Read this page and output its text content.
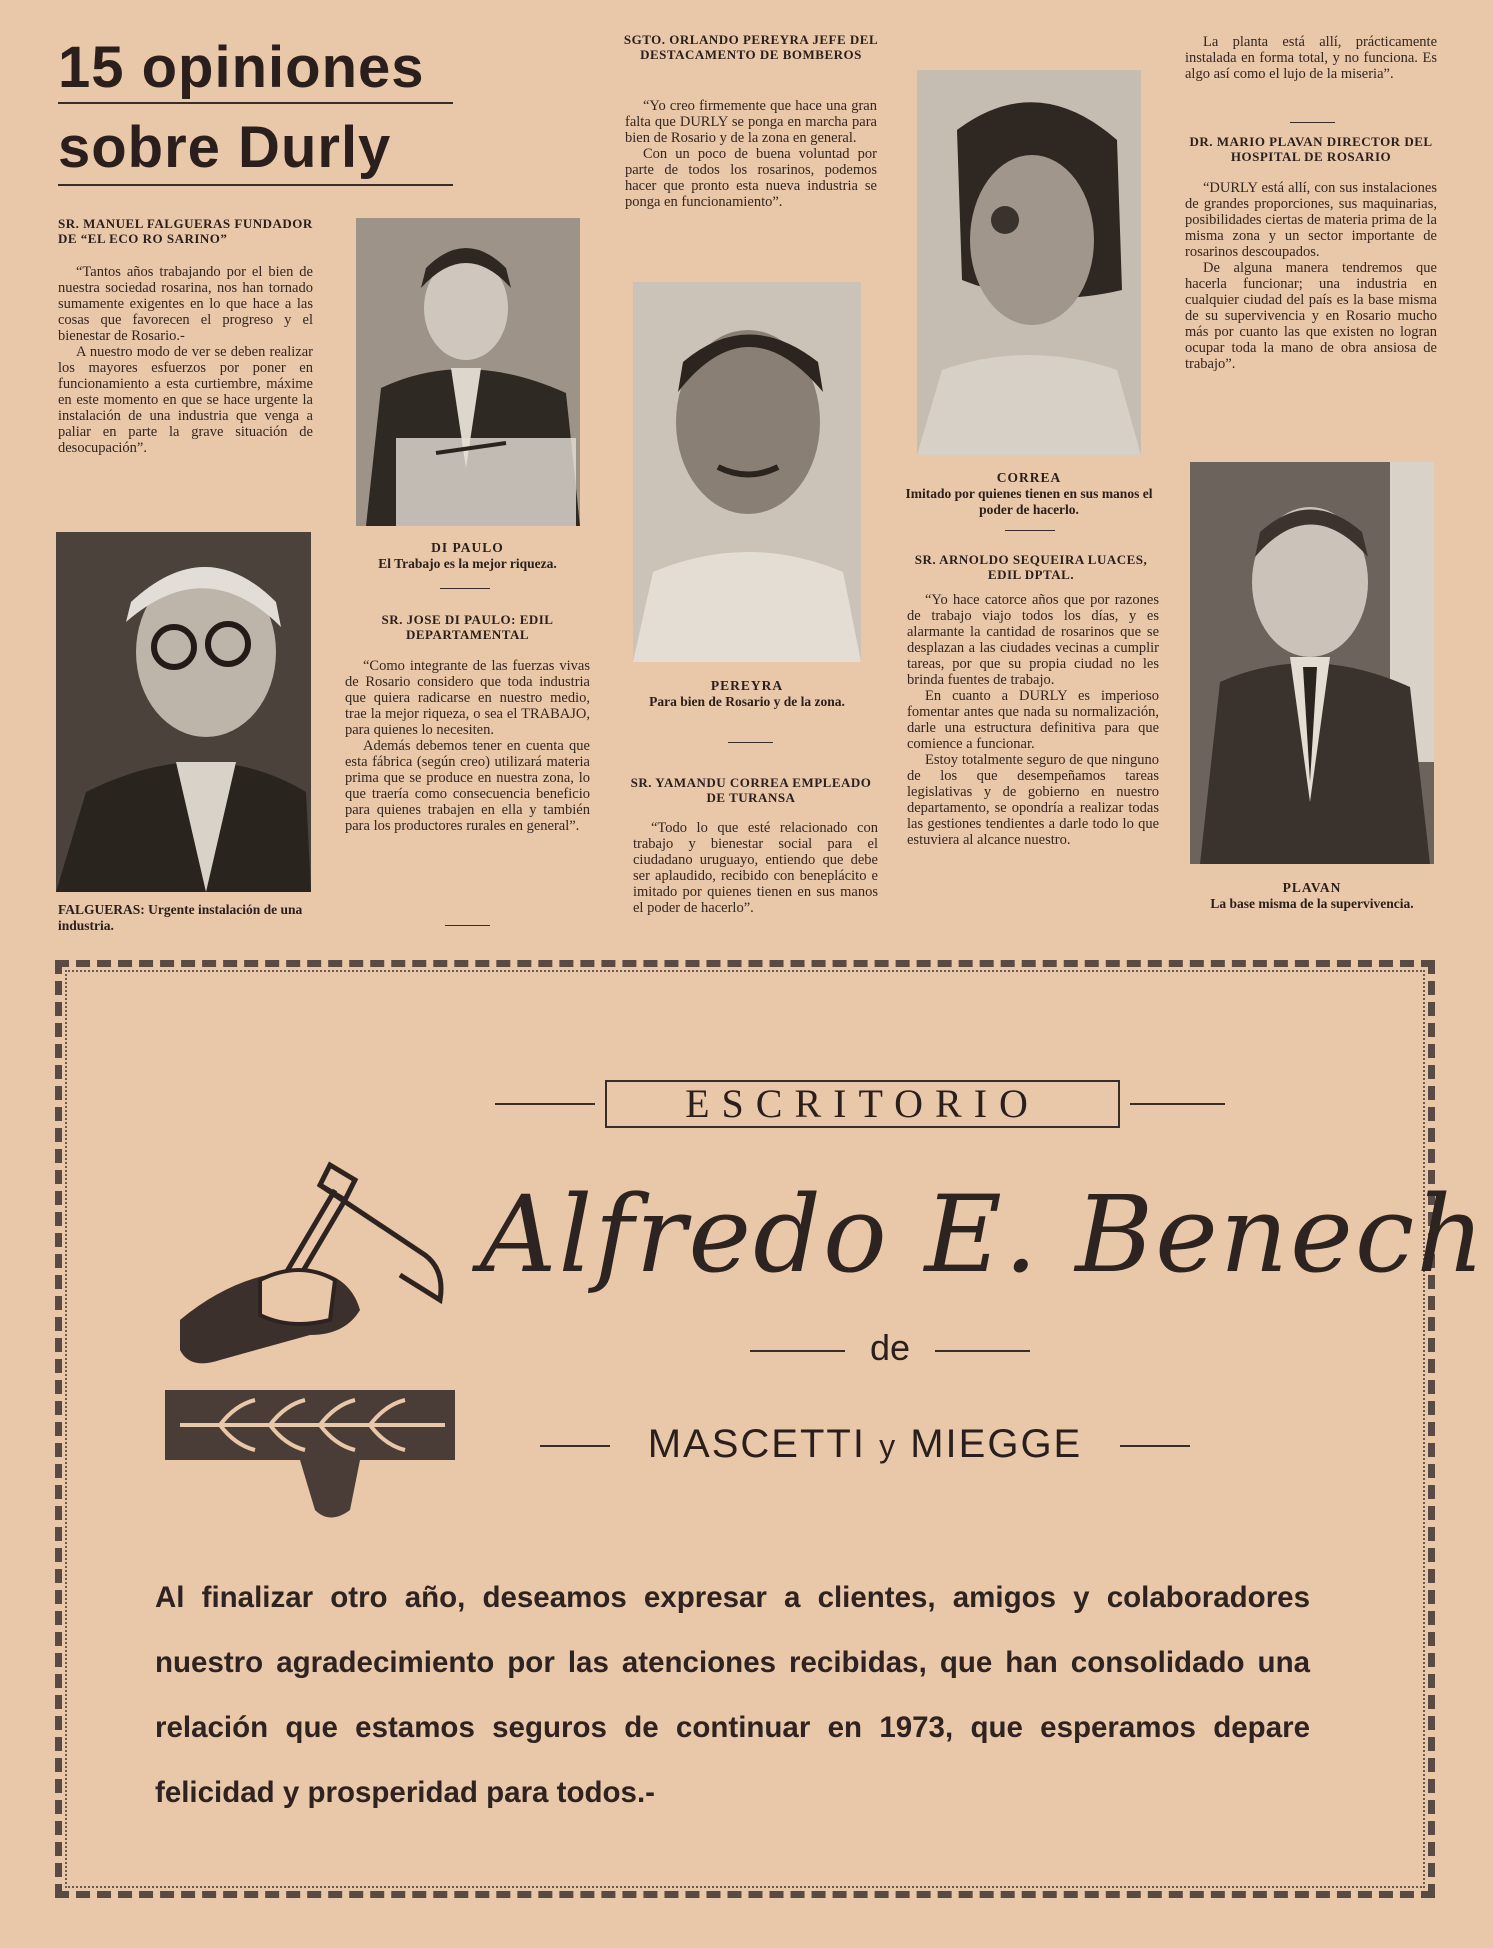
15 opiniones
sobre Durly
SR. MANUEL FALGUERAS FUNDADOR DE “EL ECO RO SARINO”

“Tantos años trabajando por el bien de nuestra sociedad rosarina, nos han tornado sumamente exigentes en lo que hace a las cosas que favorecen el progreso y el bienestar de Rosario.-

A nuestro modo de ver se deben realizar los mayores esfuerzos por poner en funcionamiento a esta curtiembre, máxime en este momento en que se hace urgente la instalación de una industria que venga a paliar en parte la grave situación de desocupación”.

FALGUERAS: Urgente instalación de una industria.
DI PAULO
El Trabajo es la mejor riqueza.
SR. JOSE DI PAULO: EDIL DEPARTAMENTAL

“Como integrante de las fuerzas vivas de Rosario considero que toda industria que quiera radicarse en nuestro medio, trae la mejor riqueza, o sea el TRABAJO, para quienes lo necesiten.

Además debemos tener en cuenta que esta fábrica (según creo) utilizará materia prima que se produce en nuestra zona, lo que traería como consecuencia beneficio para quienes trabajen en ella y también para los productores rurales en general”.

SGTO. ORLANDO PEREYRA JEFE DEL DESTACAMENTO DE BOMBEROS

“Yo creo firmemente que hace una gran falta que DURLY se ponga en marcha para bien de Rosario y de la zona en general.

Con un poco de buena voluntad por parte de todos los rosarinos, podemos hacer que pronto esta nueva industria se ponga en funcionamiento”.

PEREYRA
Para bien de Rosario y de la zona.
SR. YAMANDU CORREA EMPLEADO DE TURANSA

“Todo lo que esté relacionado con trabajo y bienestar social para el ciudadano uruguayo, entiendo que debe ser aplaudido, recibido con beneplácito e imitado por quienes tienen en sus manos el poder de hacerlo”.

CORREA
Imitado por quienes tienen en sus manos el poder de hacerlo.
SR. ARNOLDO SEQUEIRA LUACES, EDIL DPTAL.

“Yo hace catorce años que por razones de trabajo viajo todos los días, y es alarmante la cantidad de rosarinos que se desplazan a las ciudades vecinas a cumplir tareas, por que su propia ciudad no les brinda fuentes de trabajo.

En cuanto a DURLY es imperioso fomentar antes que nada su normalización, darle una estructura definitiva para que comience a funcionar.

Estoy totalmente seguro de que ninguno de los que desempeñamos tareas legislativas y de gobierno en nuestro departamento, se opondría a realizar todas las gestiones tendientes a darle todo lo que estuviera al alcance nuestro.

La planta está allí, prácticamente instalada en forma total, y no funciona. Es algo así como el lujo de la miseria”.

DR. MARIO PLAVAN DIRECTOR DEL HOSPITAL DE ROSARIO

“DURLY está allí, con sus instalaciones de grandes proporciones, sus maquinarias, posibilidades ciertas de materia prima de la misma zona y un sector importante de rosarinos descoupados.

De alguna manera tendremos que hacerla funcionar; una industria en cualquier ciudad del país es la base misma de su supervivencia y en Rosario mucho más por cuanto las que existen no logran ocupar toda la mano de obra ansiosa de trabajo”.

PLAVAN
La base misma de la supervivencia.
ESCRITORIO
Alfredo E. Benech
de
MASCETTI y MIEGGE
Al finalizar otro año, deseamos expresar a clientes, amigos y colaboradores nuestro agradecimiento por las atenciones recibidas, que han consolidado una relación que estamos seguros de continuar en 1973, que esperamos depare felicidad y prosperidad para todos.-
